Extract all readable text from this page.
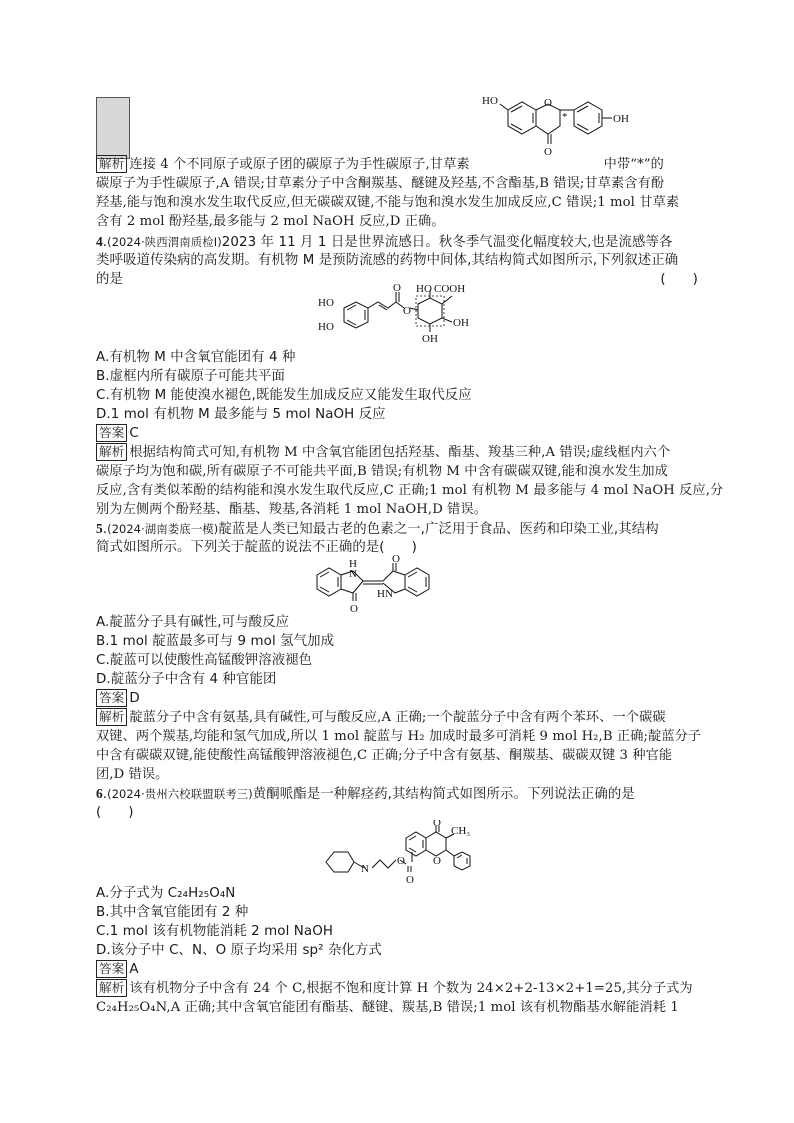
HO	O
O
*	OH
解析 连接 4 个不同原子或原子团的碳原子为手性碳原子,甘草素	中带“*”的
碳原子为手性碳原子,A 错误;甘草素分子中含酮羰基、醚键及羟基,不含酯基,B 错误;甘草素含有酚
羟基,能与饱和溴水发生取代反应,但无碳碳双键,不能与饱和溴水发生加成反应,C 错误;1 mol 甘草素
含有 2 mol 酚羟基,最多能与 2 mol NaOH 反应,D 正确。
4.(2024·陕西渭南质检Ⅰ)2023 年 11 月 1 日是世界流感日。秋冬季气温变化幅度较大,也是流感等各
类呼吸道传染病的高发期。有机物 M 是预防流感的药物中间体,其结构简式如图所示,下列叙述正确
的是	(　　)
HO
HO
O
O
HO COOH
OH
OH
A.有机物 M 中含氧官能团有 4 种
B.虚框内所有碳原子可能共平面
C.有机物 M 能使溴水褪色,既能发生加成反应又能发生取代反应
D.1 mol 有机物 M 最多能与 5 mol NaOH 反应
答案 C
解析 根据结构简式可知,有机物 M 中含氧官能团包括羟基、酯基、羧基三种,A 错误;虚线框内六个
碳原子均为饱和碳,所有碳原子不可能共平面,B 错误;有机物 M 中含有碳碳双键,能和溴水发生加成
反应,含有类似苯酚的结构能和溴水发生取代反应,C 正确;1 mol 有机物 M 最多能与 4 mol NaOH 反应,分
别为左侧两个酚羟基、酯基、羧基,各消耗 1 mol NaOH,D 错误。
5.(2024·湖南娄底一模)靛蓝是人类已知最古老的色素之一,广泛用于食品、医药和印染工业,其结构
简式如图所示。下列关于靛蓝的说法不正确的是(　　)
H
N
HN
O
O
A.靛蓝分子具有碱性,可与酸反应
B.1 mol 靛蓝最多可与 9 mol 氢气加成
C.靛蓝可以使酸性高锰酸钾溶液褪色
D.靛蓝分子中含有 4 种官能团
答案 D
解析 靛蓝分子中含有氨基,具有碱性,可与酸反应,A 正确;一个靛蓝分子中含有两个苯环、一个碳碳
双键、两个羰基,均能和氢气加成,所以 1 mol 靛蓝与 H₂ 加成时最多可消耗 9 mol H₂,B 正确;靛蓝分子
中含有碳碳双键,能使酸性高锰酸钾溶液褪色,C 正确;分子中含有氨基、酮羰基、碳碳双键 3 种官能
团,D 错误。
6.(2024·贵州六校联盟联考三)黄酮哌酯是一种解痉药,其结构简式如图所示。下列说法正确的是
(　　)
N
O
O
O
CH₃
O
A.分子式为 C₂₄H₂₅O₄N
B.其中含氧官能团有 2 种
C.1 mol 该有机物能消耗 2 mol NaOH
D.该分子中 C、N、O 原子均采用 sp² 杂化方式
答案 A
解析 该有机物分子中含有 24 个 C,根据不饱和度计算 H 个数为 24×2+2-13×2+1=25,其分子式为
C₂₄H₂₅O₄N,A 正确;其中含氧官能团有酯基、醚键、羰基,B 错误;1 mol 该有机物酯基水解能消耗 1
